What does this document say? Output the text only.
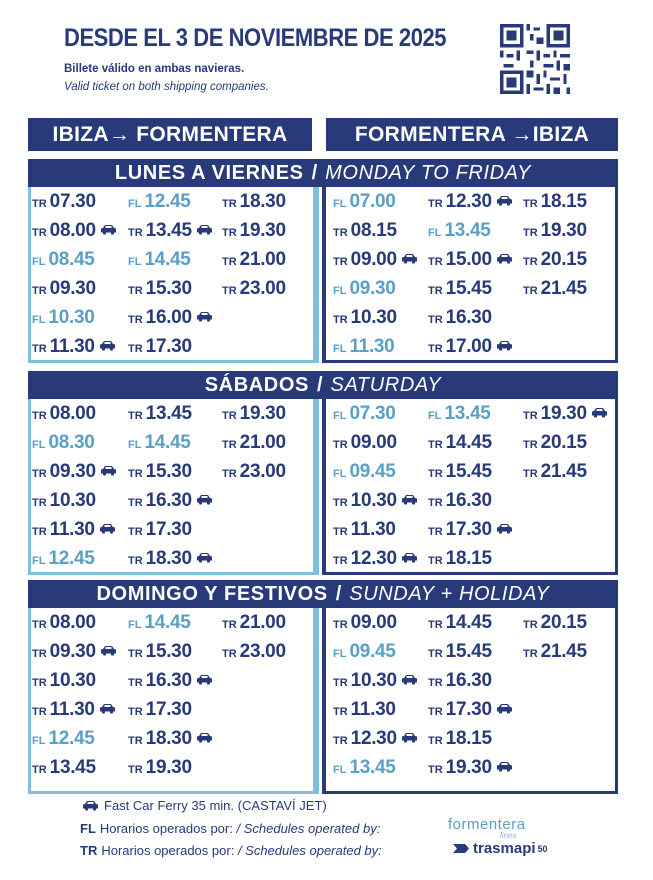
DESDE EL 3 DE NOVIEMBRE DE 2025
Billete válido en ambas navieras.
Valid ticket on both shipping companies.
IBIZA→ FORMENTERA	FORMENTERA →IBIZA
LUNES A VIERNES / MONDAY TO FRIDAY
TR 07.30	FL 12.45	TR 18.30
TR 08.00	TR 13.45	TR 19.30
FL 08.45	FL 14.45	TR 21.00
TR 09.30	TR 15.30	TR 23.00
FL 10.30	TR 16.00
TR 11.30	TR 17.30
FL 07.00	TR 12.30	TR 18.15
TR 08.15	FL 13.45	TR 19.30
TR 09.00	TR 15.00	TR 20.15
FL 09.30	TR 15.45	TR 21.45
TR 10.30	TR 16.30
FL 11.30	TR 17.00
SÁBADOS / SATURDAY
TR 08.00	TR 13.45	TR 19.30
FL 08.30	FL 14.45	TR 21.00
TR 09.30	TR 15.30	TR 23.00
TR 10.30	TR 16.30
TR 11.30	TR 17.30
FL 12.45	TR 18.30
FL 07.30	FL 13.45	TR 19.30
TR 09.00	TR 14.45	TR 20.15
FL 09.45	TR 15.45	TR 21.45
TR 10.30	TR 16.30
TR 11.30	TR 17.30
TR 12.30	TR 18.15
DOMINGO Y FESTIVOS / SUNDAY + HOLIDAY
TR 08.00	FL 14.45	TR 21.00
TR 09.30	TR 15.30	TR 23.00
TR 10.30	TR 16.30
TR 11.30	TR 17.30
FL 12.45	TR 18.30
TR 13.45	TR 19.30
TR 09.00	TR 14.45	TR 20.15
FL 09.45	TR 15.45	TR 21.45
TR 10.30	TR 16.30
TR 11.30	TR 17.30
TR 12.30	TR 18.15
FL 13.45	TR 19.30
Fast Car Ferry 35 min. (CASTAVÍ JET)
FL Horarios operados por: / Schedules operated by:
TR Horarios operados por: / Schedules operated by:
formentera
lines
trasmapi 50
